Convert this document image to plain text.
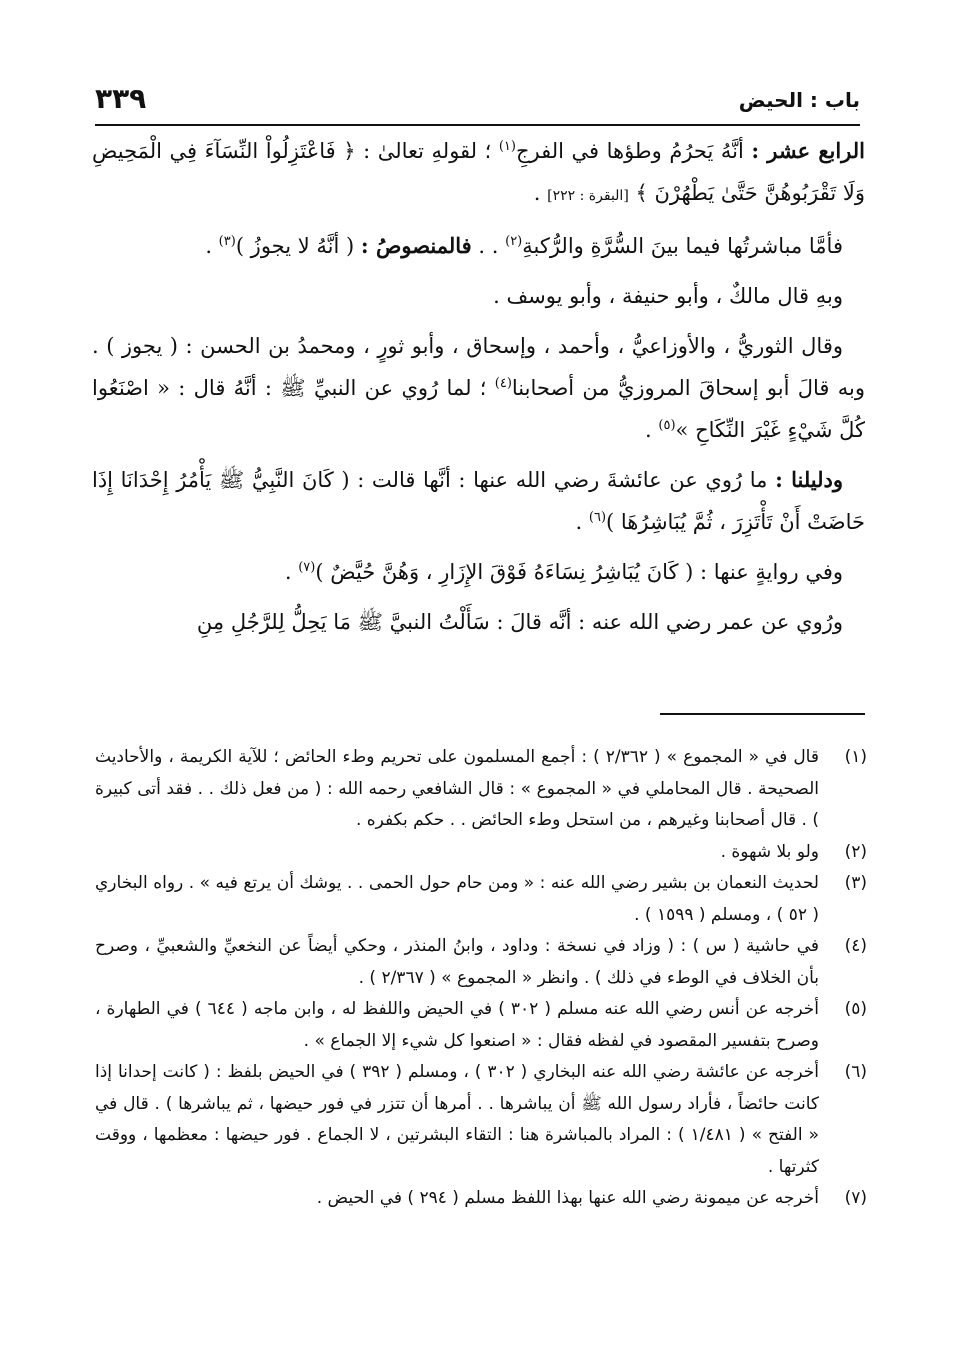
باب : الحيض
٣٣٩

الرابع عشر : أنَّهُ يَحرُمُ وطؤها في الفرجِ$^{(١)}$ ؛ لقولهِ تعالىٰ : ﴿ فَاعْتَزِلُواْ النِّسَآءَ فِي الْمَحِيضِ وَلَا تَقْرَبُوهُنَّ حَتَّىٰ يَطْهُرْنَ ﴾ [البقرة : ٢٢٢] .

فأمَّا مباشرتُها فيما بينَ السُّرَّةِ والرُّكبةِ$^{(٢)}$ . . فالمنصوصُ : ( أنَّهُ لا يجوزُ )$^{(٣)}$ .

وبهِ قال مالكٌ ، وأبو حنيفة ، وأبو يوسف .

وقال الثوريُّ ، والأوزاعيُّ ، وأحمد ، وإسحاق ، وأبو ثورٍ ، ومحمدُ بن الحسن : ( يجوز ) . وبه قالَ أبو إسحاقَ المروزيُّ من أصحابنا$^{(٤)}$ ؛ لما رُوي عن النبيِّ ﷺ : أنَّهُ قال : « اصْنَعُوا كُلَّ شَيْءٍ غَيْرَ النِّكَاحِ »$^{(٥)}$ .

ودليلنا : ما رُوي عن عائشةَ رضي الله عنها : أنَّها قالت : ( كَانَ النَّبِيُّ ﷺ يَأْمُرُ إِحْدَانَا إِذَا حَاضَتْ أَنْ تَأْتَزِرَ ، ثُمَّ يُبَاشِرُهَا )$^{(٦)}$ .

وفي روايةٍ عنها : ( كَانَ يُبَاشِرُ نِسَاءَهُ فَوْقَ الإِزَارِ ، وَهُنَّ حُيَّضٌ )$^{(٧)}$ .

ورُوي عن عمر رضي الله عنه : أنَّه قالَ : سَأَلْتُ النبيَّ ﷺ مَا يَحِلُّ لِلرَّجُلِ مِنِ

(١)
قال في « المجموع » ( ٢/٣٦٢ ) : أجمع المسلمون على تحريم وطء الحائض ؛ للآية الكريمة ، والأحاديث الصحيحة . قال المحاملي في « المجموع » : قال الشافعي رحمه الله : ( من فعل ذلك . . فقد أتى كبيرة ) . قال أصحابنا وغيرهم ، من استحل وطء الحائض . . حكم بكفره .
(٢)
ولو بلا شهوة .
(٣)
لحديث النعمان بن بشير رضي الله عنه : « ومن حام حول الحمى . . يوشك أن يرتع فيه » . رواه البخاري ( ٥٢ ) ، ومسلم ( ١٥٩٩ ) .
(٤)
في حاشية ( س ) : ( وزاد في نسخة : وداود ، وابنُ المنذر ، وحكي أيضاً عن النخعيِّ والشعبيِّ ، وصرح بأن الخلاف في الوطء في ذلك ) . وانظر « المجموع » ( ٢/٣٦٧ ) .
(٥)
أخرجه عن أنس رضي الله عنه مسلم ( ٣٠٢ ) في الحيض واللفظ له ، وابن ماجه ( ٦٤٤ ) في الطهارة ، وصرح بتفسير المقصود في لفظه فقال : « اصنعوا كل شيء إلا الجماع » .
(٦)
أخرجه عن عائشة رضي الله عنه البخاري ( ٣٠٢ ) ، ومسلم ( ٣٩٢ ) في الحيض بلفظ : ( كانت إحدانا إذا كانت حائضاً ، فأراد رسول الله ﷺ أن يباشرها . . أمرها أن تتزر في فور حيضها ، ثم يباشرها ) . قال في « الفتح » ( ١/٤٨١ ) : المراد بالمباشرة هنا : التقاء البشرتين ، لا الجماع . فور حيضها : معظمها ، ووقت كثرتها .
(٧)
أخرجه عن ميمونة رضي الله عنها بهذا اللفظ مسلم ( ٢٩٤ ) في الحيض .
